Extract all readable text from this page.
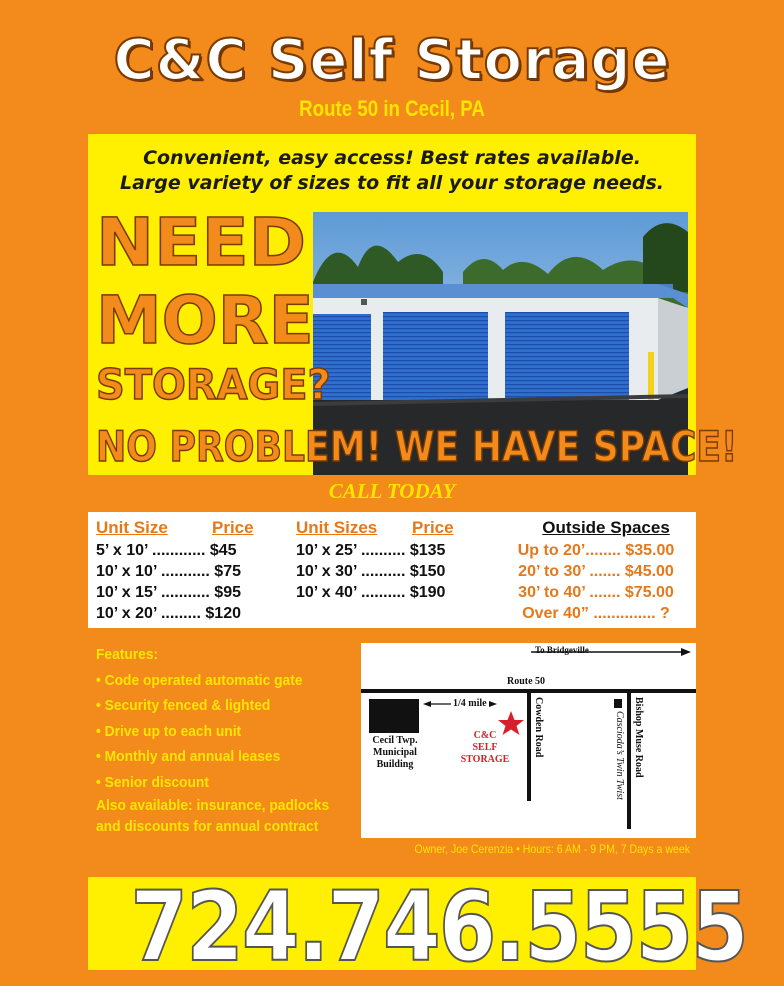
C&C Self Storage
Route 50 in Cecil, PA
Convenient, easy access! Best rates available.
Large variety of sizes to fit all your storage needs.
NEED
MORE
STORAGE?
NO PROBLEM! WE HAVE SPACE!
CALL TODAY
Unit Size	Price
5’ x 10’ ............ $45
10’ x 10’ ........... $75
10’ x 15’ ........... $95
10’ x 20’ ......... $120
Unit Sizes	Price
10’ x 25’ .......... $135
10’ x 30’ .......... $150
10’ x 40’ .......... $190
Outside Spaces
Up to 20’........ $35.00
20’ to 30’ ....... $45.00
30’ to 40’ ....... $75.00
Over 40” .............. ?
Features:
• Code operated automatic gate
• Security fenced & lighted
• Drive up to each unit
• Monthly and annual leases
• Senior discount
Also available: insurance, padlocks
and discounts for annual contract
To Bridgeville
Route 50
1/4 mile
Cecil Twp.
Municipal
Building
C&C
SELF
STORAGE
Cowden Road	Cascioda’s Twin Twist Bishop Muse Road
Owner, Joe Cerenzia • Hours: 6 AM - 9 PM, 7 Days a week
724.746.5555
